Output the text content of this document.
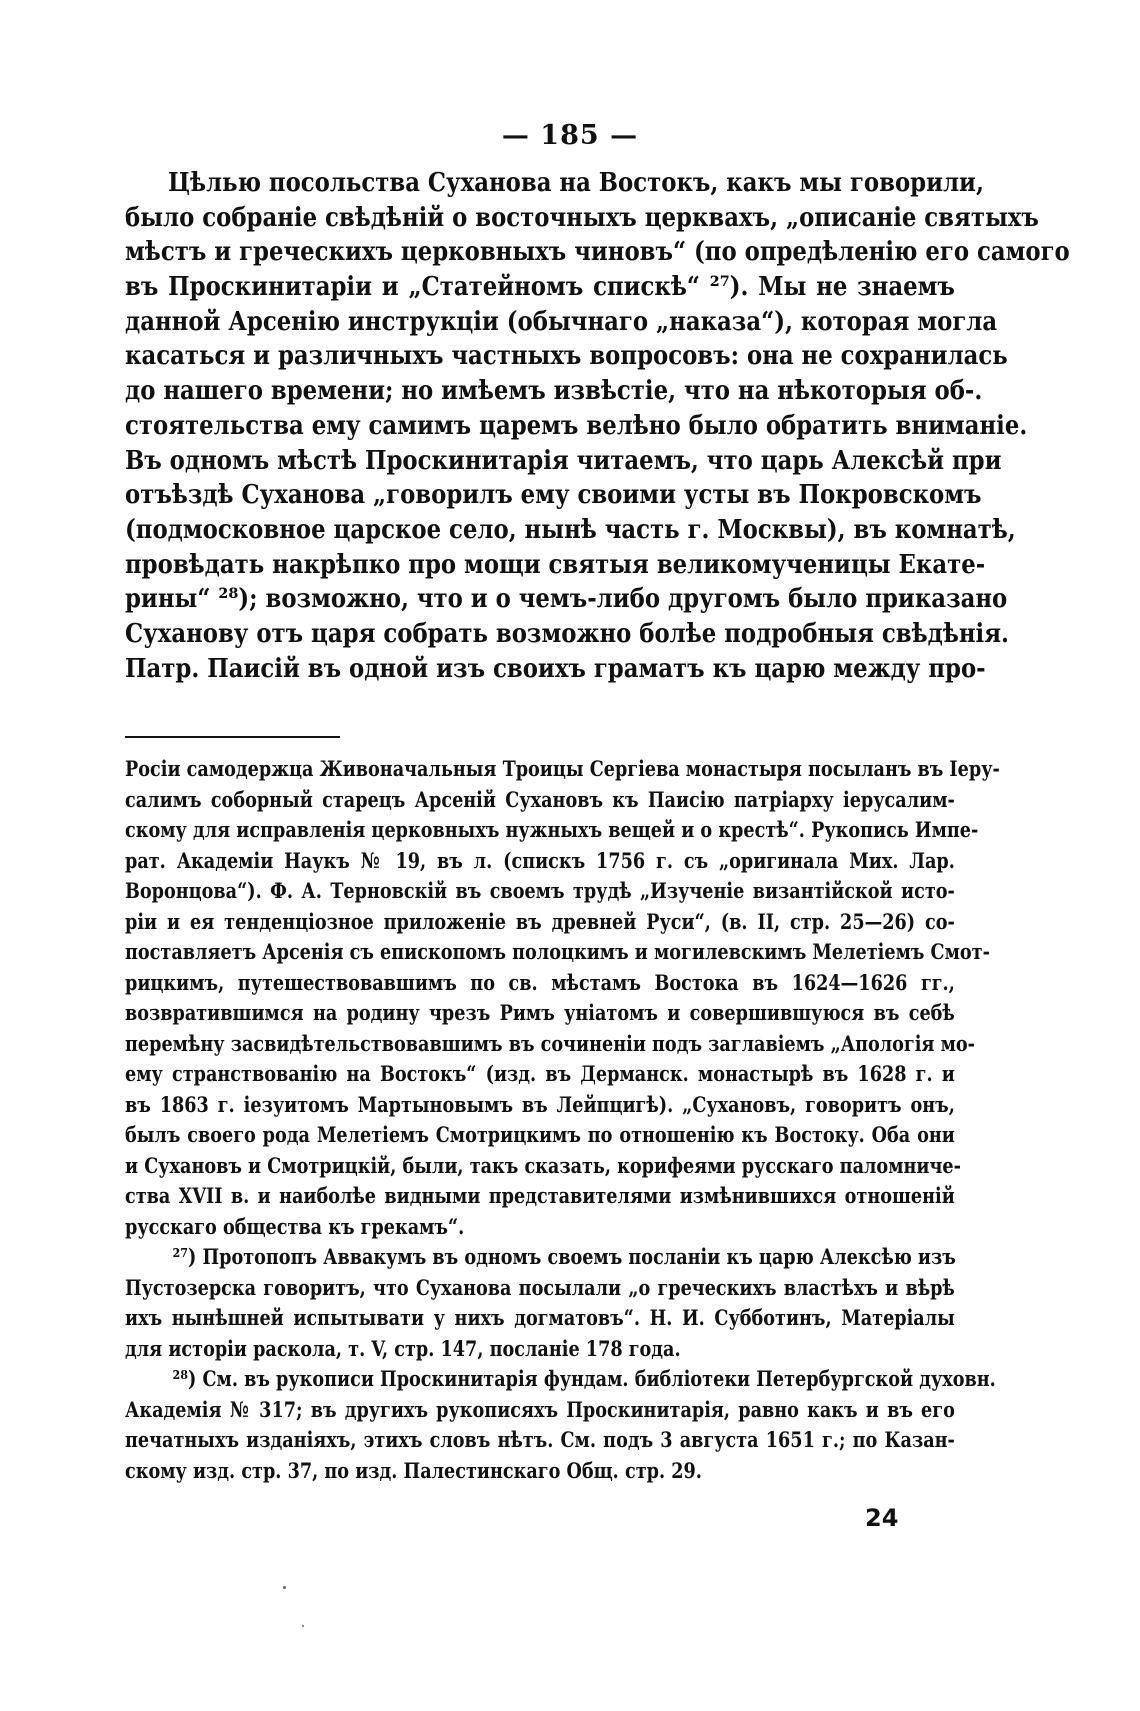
— 185 —
Цѣлью посольства Суханова на Востокъ, какъ мы говорили,
было собраніе свѣдѣній о восточныхъ церквахъ, „описаніе святыхъ
мѣстъ и греческихъ церковныхъ чиновъ“ (по опредѣленію его самого
въ Проскинитаріи и „Статейномъ спискѣ“ ²⁷). Мы не знаемъ
данной Арсенію инструкціи (обычнаго „наказа“), которая могла
касаться и различныхъ частныхъ вопросовъ: она не сохранилась
до нашего времени; но имѣемъ извѣстіе, что на нѣкоторыя об-.
стоятельства ему самимъ царемъ велѣно было обратить вниманіе.
Въ одномъ мѣстѣ Проскинитарія читаемъ, что царь Алексѣй при
отъѣздѣ Суханова „говорилъ ему своими усты въ Покровскомъ
(подмосковное царское село, нынѣ часть г. Москвы), въ комнатѣ,
провѣдать накрѣпко про мощи святыя великомученицы Екате-
рины“ ²⁸); возможно, что и о чемъ-либо другомъ было приказано
Суханову отъ царя собрать возможно болѣе подробныя свѣдѣнія.
Патр. Паисій въ одной изъ своихъ граматъ къ царю между про-
Росіи самодержца Живоначальныя Троицы Сергіева монастыря посыланъ въ Іеру-
салимъ соборный старецъ Арсеній Сухановъ къ Паисію патріарху іерусалим-
скому для исправленія церковныхъ нужныхъ вещей и о крестѣ“. Рукопись Импе-
рат. Академіи Наукъ № 19, въ л. (спискъ 1756 г. съ „оригинала Мих. Лар.
Воронцова“). Ф. А. Терновскій въ своемъ трудѣ „Изученіе византійской исто-
ріи и ея тенденціозное приложеніе въ древней Руси“, (в. II, стр. 25—26) со-
поставляетъ Арсенія съ епископомъ полоцкимъ и могилевскимъ Мелетіемъ Смот-
рицкимъ, путешествовавшимъ по св. мѣстамъ Востока въ 1624—1626 гг.,
возвратившимся на родину чрезъ Римъ уніатомъ и совершившуюся въ себѣ
перемѣну засвидѣтельствовавшимъ въ сочиненіи подъ заглавіемъ „Апологія мо-
ему странствованію на Востокъ“ (изд. въ Дерманск. монастырѣ въ 1628 г. и
въ 1863 г. іезуитомъ Мартыновымъ въ Лейпцигѣ). „Сухановъ, говоритъ онъ,
былъ своего рода Мелетіемъ Смотрицкимъ по отношенію къ Востоку. Оба они
и Сухановъ и Смотрицкій, были, такъ сказать, корифеями русскаго паломниче-
ства XVII в. и наиболѣе видными представителями измѣнившихся отношеній
русскаго общества къ грекамъ“.
²⁷) Протопопъ Аввакумъ въ одномъ своемъ посланіи къ царю Алексѣю изъ
Пустозерска говоритъ, что Суханова посылали „о греческихъ властѣхъ и вѣрѣ
ихъ нынѣшней испытывати у нихъ догматовъ“. Н. И. Субботинъ, Матеріалы
для исторіи раскола, т. V, стр. 147, посланіе 178 года.
²⁸) См. въ рукописи Проскинитарія фундам. библіотеки Петербургской духовн.
Академія № 317; въ другихъ рукописяхъ Проскинитарія, равно какъ и въ его
печатныхъ изданіяхъ, этихъ словъ нѣтъ. См. подъ 3 августа 1651 г.; по Казан-
скому изд. стр. 37, по изд. Палестинскаго Общ. стр. 29.
24
